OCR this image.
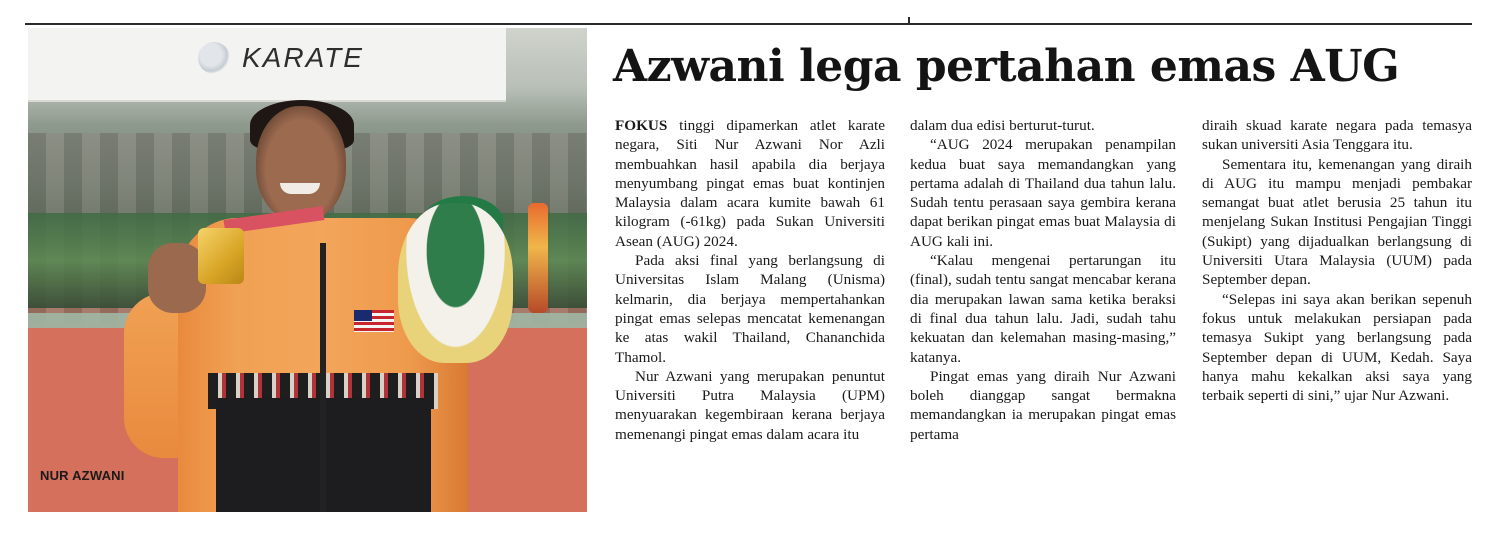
KARATE
NUR AZWANI
Azwani lega pertahan emas AUG

FOKUS tinggi dipamerkan atlet karate negara, Siti Nur Azwani Nor Azli membuahkan hasil apabila dia berjaya menyumbang pingat emas buat kontinjen Malaysia dalam acara kumite bawah 61 kilogram (-61kg) pada Sukan Universiti Asean (AUG) 2024.

Pada aksi final yang berlangsung di Universitas Islam Malang (Unisma) kelmarin, dia berjaya mempertahankan pingat emas selepas mencatat kemenangan ke atas wakil Thailand, Chananchida Thamol.

Nur Azwani yang merupakan penuntut Universiti Putra Malaysia (UPM) menyuarakan kegembiraan kerana berjaya memenangi pingat emas dalam acara itu

dalam dua edisi berturut-turut.

“AUG 2024 merupakan penampilan kedua buat saya memandangkan yang pertama adalah di Thailand dua tahun lalu. Sudah tentu perasaan saya gembira kerana dapat berikan pingat emas buat Malaysia di AUG kali ini.

“Kalau mengenai pertarungan itu (final), sudah tentu sangat mencabar kerana dia merupakan lawan sama ketika beraksi di final dua tahun lalu. Jadi, sudah tahu kekuatan dan kelemahan masing-masing,” katanya.

Pingat emas yang diraih Nur Azwani boleh dianggap sangat bermakna memandangkan ia merupakan pingat emas pertama

diraih skuad karate negara pada temasya sukan universiti Asia Tenggara itu.

Sementara itu, kemenangan yang diraih di AUG itu mampu menjadi pembakar semangat buat atlet berusia 25 tahun itu menjelang Sukan Institusi Pengajian Tinggi (Sukipt) yang dijadualkan berlangsung di Universiti Utara Malaysia (UUM) pada September depan.

“Selepas ini saya akan berikan sepenuh fokus untuk melakukan persiapan pada temasya Sukipt yang berlangsung pada September depan di UUM, Kedah. Saya hanya mahu kekalkan aksi saya yang terbaik seperti di sini,” ujar Nur Azwani.
